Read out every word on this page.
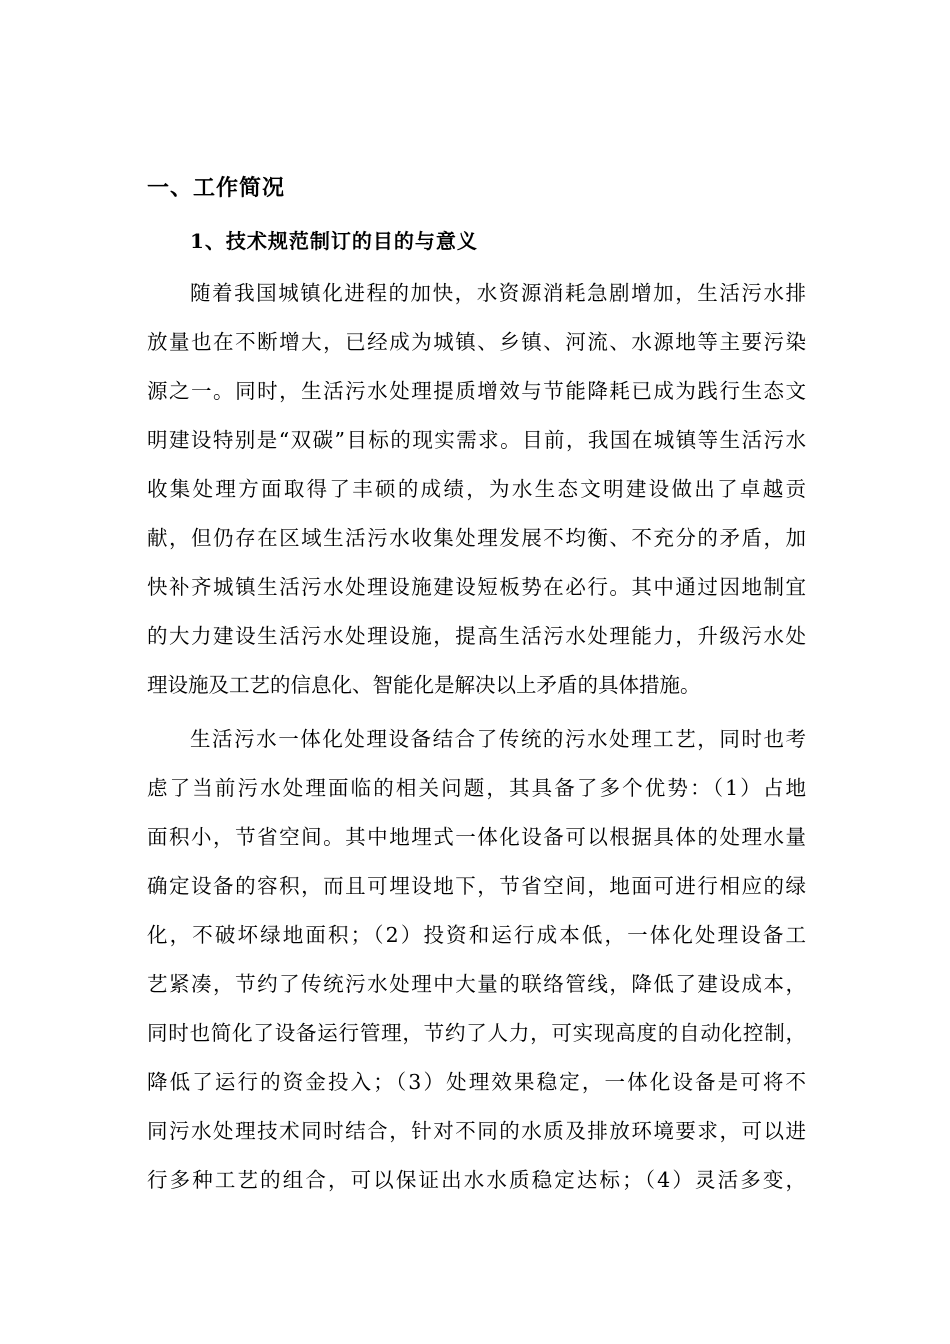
一、工作简况
1、技术规范制订的目的与意义
随着我国城镇化进程的加快，水资源消耗急剧增加，生活污水排
放量也在不断增大，已经成为城镇、乡镇、河流、水源地等主要污染
源之一。同时，生活污水处理提质增效与节能降耗已成为践行生态文
明建设特别是“双碳”目标的现实需求。目前，我国在城镇等生活污水
收集处理方面取得了丰硕的成绩，为水生态文明建设做出了卓越贡
献，但仍存在区域生活污水收集处理发展不均衡、不充分的矛盾，加
快补齐城镇生活污水处理设施建设短板势在必行。其中通过因地制宜
的大力建设生活污水处理设施，提高生活污水处理能力，升级污水处
理设施及工艺的信息化、智能化是解决以上矛盾的具体措施。
生活污水一体化处理设备结合了传统的污水处理工艺，同时也考
虑了当前污水处理面临的相关问题，其具备了多个优势：（1）占地
面积小，节省空间。其中地埋式一体化设备可以根据具体的处理水量
确定设备的容积，而且可埋设地下，节省空间，地面可进行相应的绿
化，不破坏绿地面积；（2）投资和运行成本低，一体化处理设备工
艺紧凑，节约了传统污水处理中大量的联络管线，降低了建设成本，
同时也简化了设备运行管理，节约了人力，可实现高度的自动化控制，
降低了运行的资金投入；（3）处理效果稳定，一体化设备是可将不
同污水处理技术同时结合，针对不同的水质及排放环境要求，可以进
行多种工艺的组合，可以保证出水水质稳定达标；（4）灵活多变，
